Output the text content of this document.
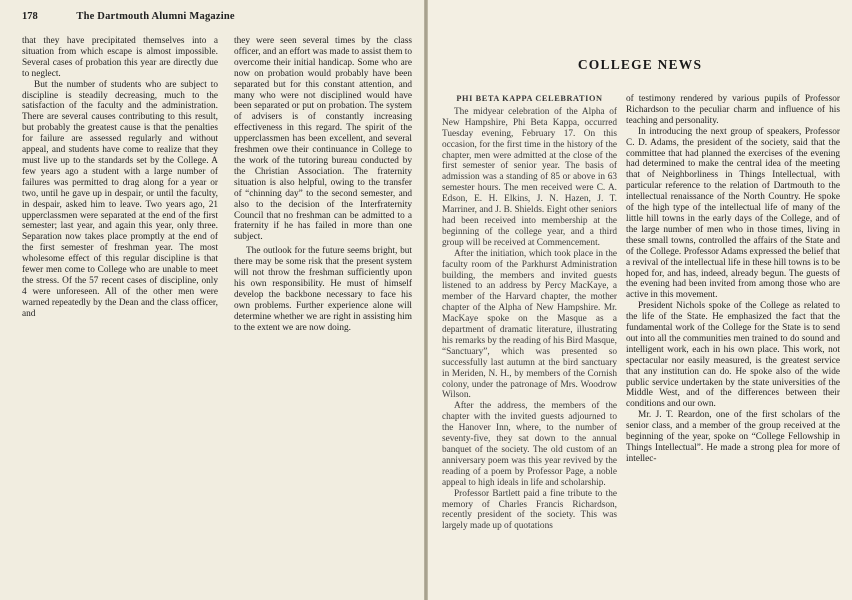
178	The Dartmouth Alumni Magazine

that they have precipitated themselves into a situation from which escape is almost impossible. Several cases of probation this year are directly due to neglect.

But the number of students who are subject to discipline is steadily decreasing, much to the satisfaction of the faculty and the administration. There are several causes contributing to this result, but probably the greatest cause is that the penalties for failure are assessed regularly and without appeal, and students have come to realize that they must live up to the standards set by the College. A few years ago a student with a large number of failures was permitted to drag along for a year or two, until he gave up in despair, or until the faculty, in despair, asked him to leave. Two years ago, 21 upperclassmen were separated at the end of the first semester; last year, and again this year, only three. Separation now takes place promptly at the end of the first semester of freshman year. The most wholesome effect of this regular discipline is that fewer men come to College who are unable to meet the stress. Of the 57 recent cases of discipline, only 4 were unforeseen. All of the other men were warned repeatedly by the Dean and the class officer, and

they were seen several times by the class officer, and an effort was made to assist them to overcome their initial handicap. Some who are now on probation would probably have been separated but for this constant attention, and many who were not disciplined would have been separated or put on probation. The system of advisers is of constantly increasing effectiveness in this regard. The spirit of the upperclassmen has been excellent, and several freshmen owe their continuance in College to the work of the tutoring bureau conducted by the Christian Association. The fraternity situation is also helpful, owing to the transfer of “chinning day” to the second semester, and also to the decision of the Interfraternity Council that no freshman can be admitted to a fraternity if he has failed in more than one subject.

The outlook for the future seems bright, but there may be some risk that the present system will not throw the freshman sufficiently upon his own responsibility. He must of himself develop the backbone necessary to face his own problems. Further experience alone will determine whether we are right in assisting him to the extent we are now doing.

COLLEGE NEWS

PHI BETA KAPPA CELEBRATION

The midyear celebration of the Alpha of New Hampshire, Phi Beta Kappa, occurred Tuesday evening, February 17. On this occasion, for the first time in the history of the chapter, men were admitted at the close of the first semester of senior year. The basis of admission was a standing of 85 or above in 63 semester hours. The men received were C. A. Edson, E. H. Elkins, J. N. Hazen, J. T. Marriner, and J. B. Shields. Eight other seniors had been received into membership at the beginning of the college year, and a third group will be received at Commencement.

After the initiation, which took place in the faculty room of the Parkhurst Administration building, the members and invited guests listened to an address by Percy MacKaye, a member of the Harvard chapter, the mother chapter of the Alpha of New Hampshire. Mr. MacKaye spoke on the Masque as a department of dramatic literature, illustrating his remarks by the reading of his Bird Masque, “Sanctuary”, which was presented so successfully last autumn at the bird sanctuary in Meriden, N. H., by members of the Cornish colony, under the patronage of Mrs. Woodrow Wilson.

After the address, the members of the chapter with the invited guests adjourned to the Hanover Inn, where, to the number of seventy-five, they sat down to the annual banquet of the society. The old custom of an anniversary poem was this year revived by the reading of a poem by Professor Page, a noble appeal to high ideals in life and scholarship.

Professor Bartlett paid a fine tribute to the memory of Charles Francis Richardson, recently president of the society. This was largely made up of quotations

of testimony rendered by various pupils of Professor Richardson to the peculiar charm and influence of his teaching and personality.

In introducing the next group of speakers, Professor C. D. Adams, the president of the society, said that the committee that had planned the exercises of the evening had determined to make the central idea of the meeting that of Neighborliness in Things Intellectual, with particular reference to the relation of Dartmouth to the intellectual renaissance of the North Country. He spoke of the high type of the intellectual life of many of the little hill towns in the early days of the College, and of the large number of men who in those times, living in these small towns, controlled the affairs of the State and of the College. Professor Adams expressed the belief that a revival of the intellectual life in these hill towns is to be hoped for, and has, indeed, already begun. The guests of the evening had been invited from among those who are active in this movement.

President Nichols spoke of the College as related to the life of the State. He emphasized the fact that the fundamental work of the College for the State is to send out into all the communities men trained to do sound and intelligent work, each in his own place. This work, not spectacular nor easily measured, is the greatest service that any institution can do. He spoke also of the wide public service undertaken by the state universities of the Middle West, and of the differences between their conditions and our own.

Mr. J. T. Reardon, one of the first scholars of the senior class, and a member of the group received at the beginning of the year, spoke on “College Fellowship in Things Intellectual”. He made a strong plea for more of intellec-
